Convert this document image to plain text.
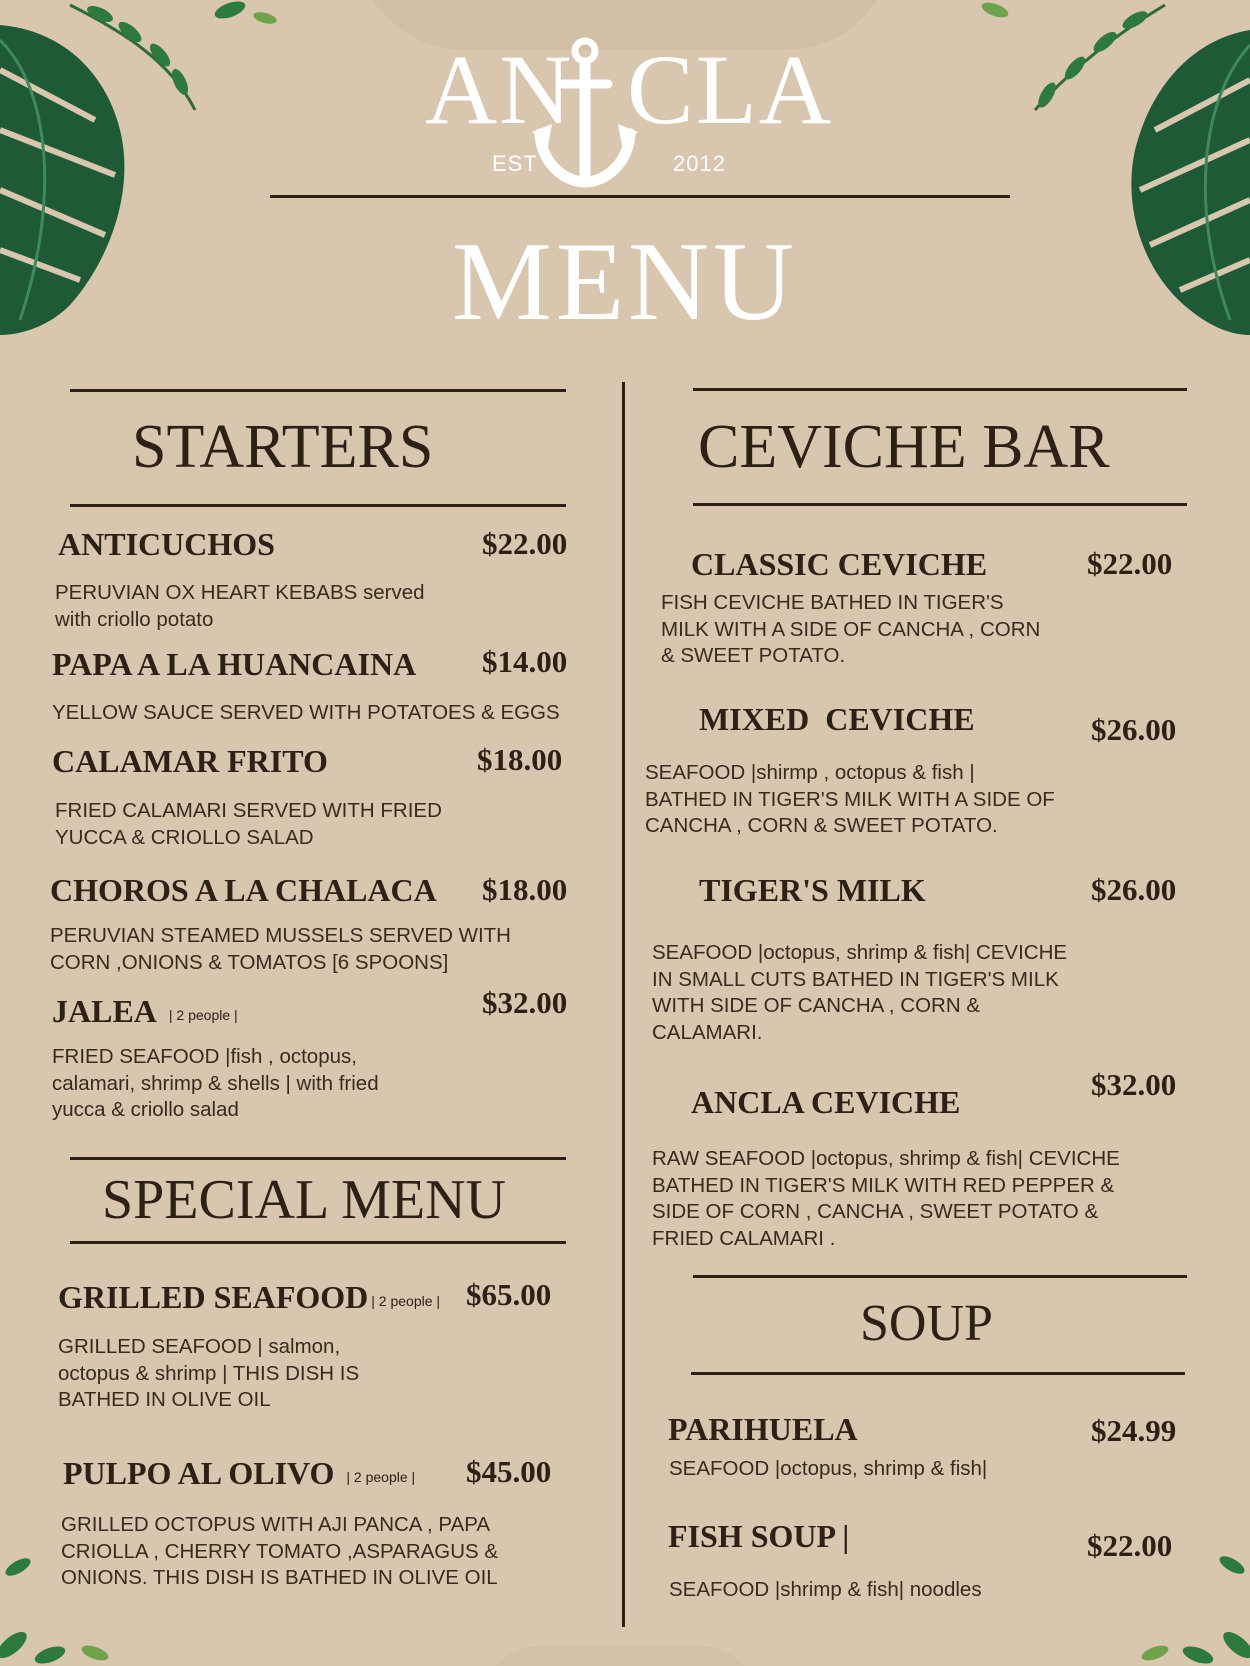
AN CLA
EST	2012
MENU
STARTERS
ANTICUCHOS	$22.00
PERUVIAN OX HEART KEBABS served
with criollo potato
PAPA A LA HUANCAINA $14.00
YELLOW SAUCE SERVED WITH POTATOES & EGGS
CALAMAR FRITO	$18.00
FRIED CALAMARI SERVED WITH FRIED
YUCCA & CRIOLLO SALAD
CHOROS A LA CHALACA $18.00
PERUVIAN STEAMED MUSSELS SERVED WITH
CORN ,ONIONS & TOMATOS [6 SPOONS]
JALEA | 2 people |	$32.00
FRIED SEAFOOD |fish , octopus,
calamari, shrimp & shells | with fried
yucca & criollo salad
SPECIAL MENU
GRILLED SEAFOOD | 2 people | $65.00
GRILLED SEAFOOD | salmon,
octopus & shrimp | THIS DISH IS
BATHED IN OLIVE OIL
PULPO AL OLIVO | 2 people | $45.00
GRILLED OCTOPUS WITH AJI PANCA , PAPA
CRIOLLA , CHERRY TOMATO ,ASPARAGUS &
ONIONS. THIS DISH IS BATHED IN OLIVE OIL
CEVICHE BAR
CLASSIC CEVICHE	$22.00
FISH CEVICHE BATHED IN TIGER'S
MILK WITH A SIDE OF CANCHA , CORN
& SWEET POTATO.
MIXED  CEVICHE	$26.00
SEAFOOD |shirmp , octopus & fish |
BATHED IN TIGER'S MILK WITH A SIDE OF
CANCHA , CORN & SWEET POTATO.
TIGER'S MILK	$26.00
SEAFOOD |octopus, shrimp & fish| CEVICHE
IN SMALL CUTS BATHED IN TIGER'S MILK
WITH SIDE OF CANCHA , CORN &
CALAMARI.
ANCLA CEVICHE	$32.00
RAW SEAFOOD |octopus, shrimp & fish| CEVICHE
BATHED IN TIGER'S MILK WITH RED PEPPER &
SIDE OF CORN , CANCHA , SWEET POTATO &
FRIED CALAMARI .
SOUP
PARIHUELA	$24.99
SEAFOOD |octopus, shrimp & fish|
FISH SOUP |	$22.00
SEAFOOD |shrimp & fish| noodles
